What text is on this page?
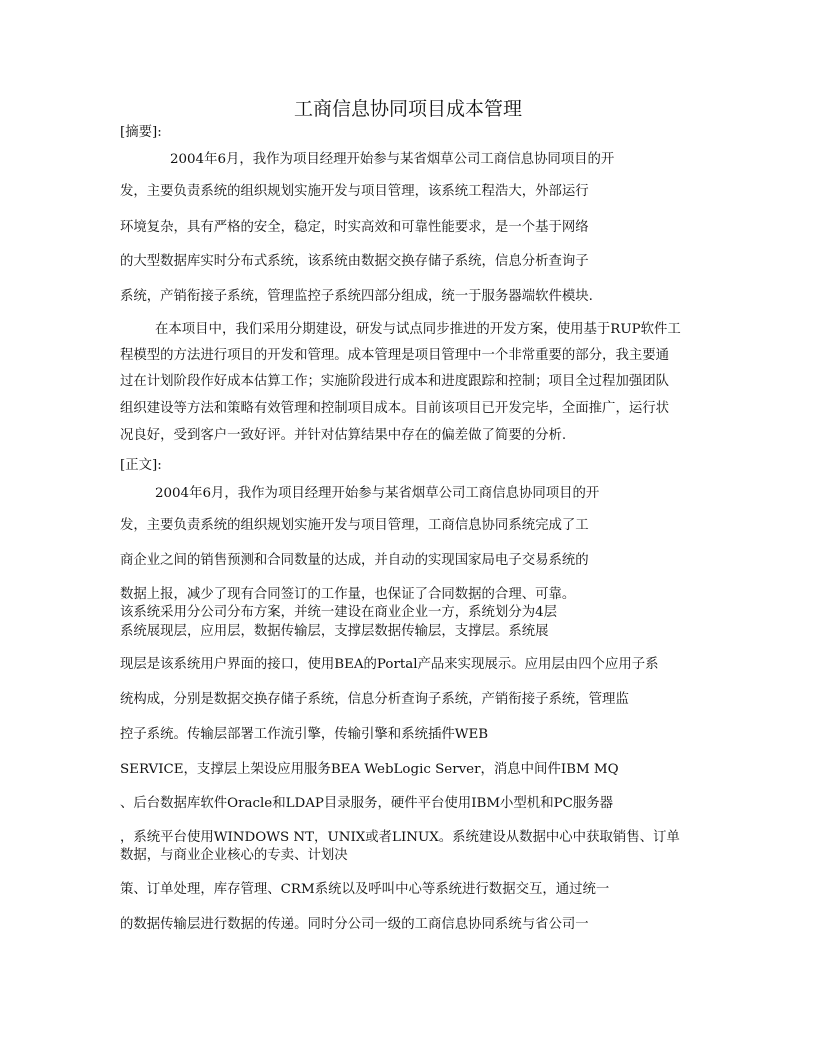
工商信息协同项目成本管理
[摘要]:
2004年6月，我作为项目经理开始参与某省烟草公司工商信息协同项目的开
发，主要负责系统的组织规划实施开发与项目管理，该系统工程浩大，外部运行
环境复杂，具有严格的安全，稳定，时实高效和可靠性能要求，是一个基于网络
的大型数据库实时分布式系统，该系统由数据交换存储子系统，信息分析查询子
系统，产销衔接子系统，管理监控子系统四部分组成，统一于服务器端软件模块.
在本项目中，我们采用分期建设，研发与试点同步推进的开发方案，使用基于RUP软件工
程模型的方法进行项目的开发和管理。成本管理是项目管理中一个非常重要的部分，我主要通
过在计划阶段作好成本估算工作；实施阶段进行成本和进度跟踪和控制；项目全过程加强团队
组织建设等方法和策略有效管理和控制项目成本。目前该项目已开发完毕，全面推广，运行状
况良好，受到客户一致好评。并针对估算结果中存在的偏差做了简要的分析.
[正文]:
2004年6月，我作为项目经理开始参与某省烟草公司工商信息协同项目的开
发，主要负责系统的组织规划实施开发与项目管理，工商信息协同系统完成了工
商企业之间的销售预测和合同数量的达成，并自动的实现国家局电子交易系统的
数据上报，减少了现有合同签订的工作量，也保证了合同数据的合理、可靠。
该系统采用分公司分布方案，并统一建设在商业企业一方，系统划分为4层
系统展现层，应用层，数据传输层，支撑层数据传输层，支撑层。系统展
现层是该系统用户界面的接口，使用BEA的Portal产品来实现展示。应用层由四个应用子系
统构成，分别是数据交换存储子系统，信息分析查询子系统，产销衔接子系统，管理监
控子系统。传输层部署工作流引擎，传输引擎和系统插件WEB
SERVICE，支撑层上架设应用服务BEA WebLogic Server，消息中间件IBM MQ
、后台数据库软件Oracle和LDAP目录服务，硬件平台使用IBM小型机和PC服务器
，系统平台使用WINDOWS NT，UNIX或者LINUX。系统建设从数据中心中获取销售、订单
数据，与商业企业核心的专卖、计划决
策、订单处理，库存管理、CRM系统以及呼叫中心等系统进行数据交互，通过统一
的数据传输层进行数据的传递。同时分公司一级的工商信息协同系统与省公司一
